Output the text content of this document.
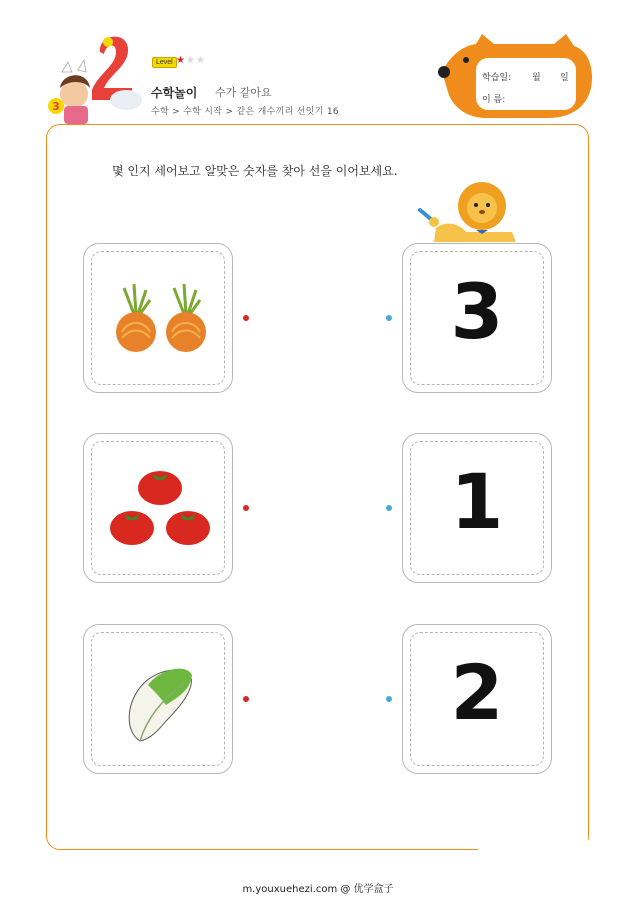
3
Level ★★★
수학놀이 수가 같아요
수학 > 수학 시작 > 같은 개수끼리 선잇기 16
학습일: 월 일
이 름:
몇 인지 세어보고 알맞은 숫자를 찾아 선을 이어보세요.
3
1
2
m.youxuehezi.com @ 优学盒子
